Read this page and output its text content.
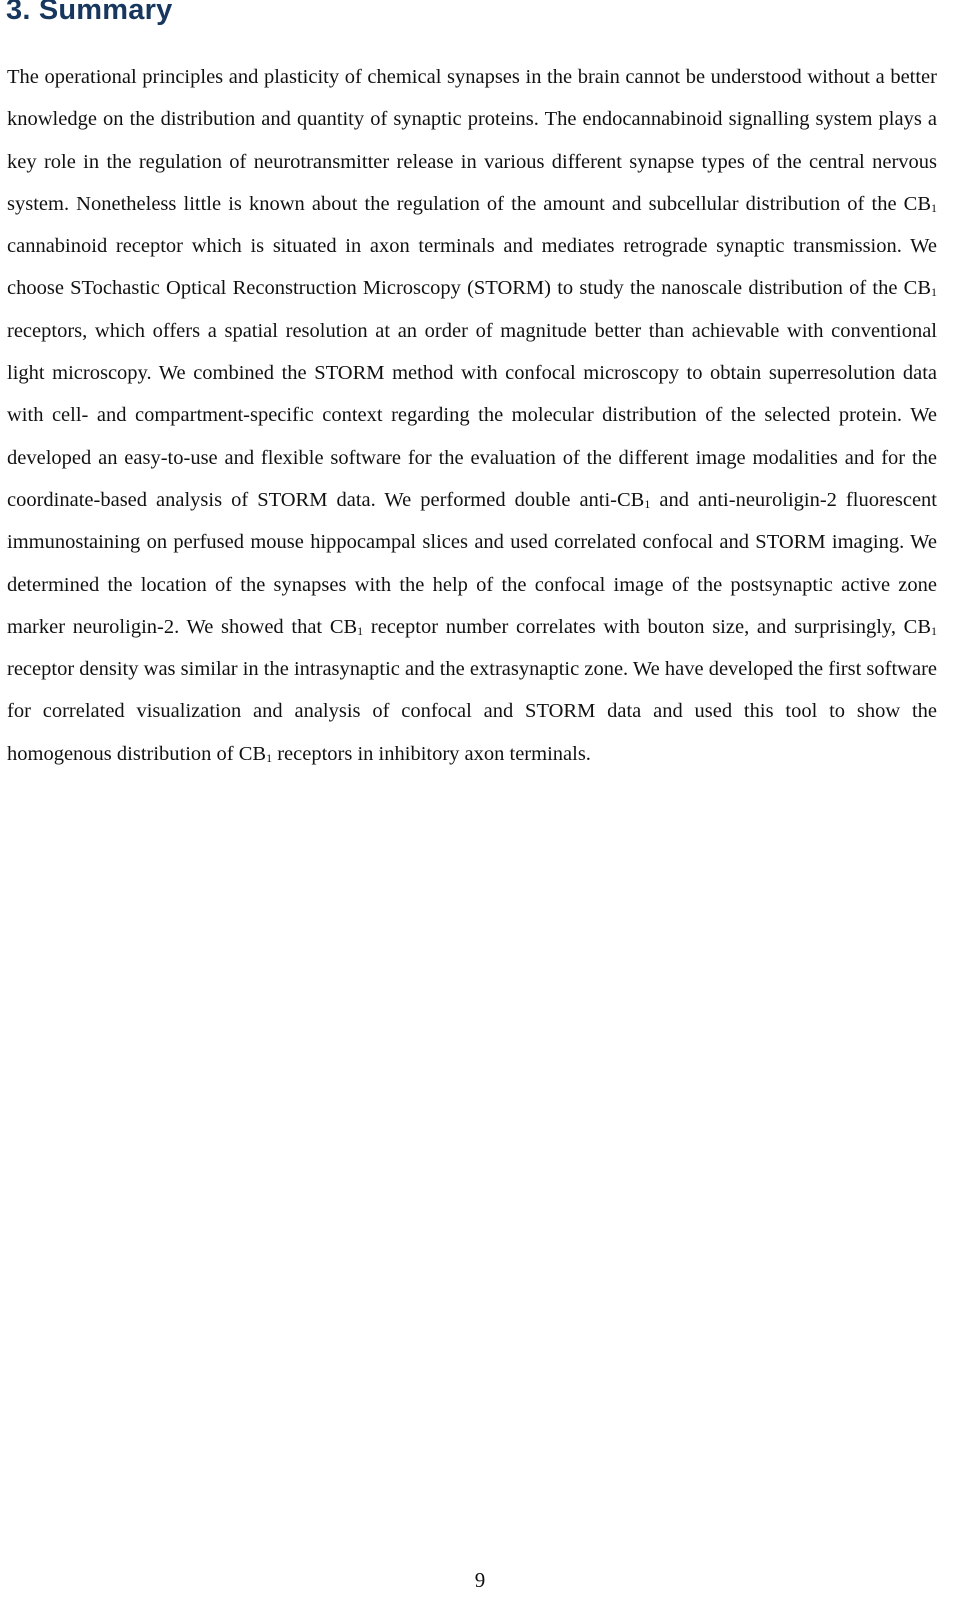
3. Summary

The operational principles and plasticity of chemical synapses in the brain cannot be understood without a better knowledge on the distribution and quantity of synaptic proteins. The endocannabinoid signalling system plays a key role in the regulation of neurotransmitter release in various different synapse types of the central nervous system. Nonetheless little is known about the regulation of the amount and subcellular distribution of the $CB_1$ cannabinoid receptor which is situated in axon terminals and mediates retrograde synaptic transmission. We choose STochastic Optical Reconstruction Microscopy (STORM) to study the nanoscale distribution of the $CB_1$ receptors, which offers a spatial resolution at an order of magnitude better than achievable with conventional light microscopy. We combined the STORM method with confocal microscopy to obtain superresolution data with cell- and compartment-specific context regarding the molecular distribution of the selected protein. We developed an easy-to-use and flexible software for the evaluation of the different image modalities and for the coordinate-based analysis of STORM data. We performed double anti-$CB_1$ and anti-neuroligin-2 fluorescent immunostaining on perfused mouse hippocampal slices and used correlated confocal and STORM imaging. We determined the location of the synapses with the help of the confocal image of the postsynaptic active zone marker neuroligin-2. We showed that $CB_1$ receptor number correlates with bouton size, and surprisingly, $CB_1$ receptor density was similar in the intrasynaptic and the extrasynaptic zone. We have developed the first software for correlated visualization and analysis of confocal and STORM data and used this tool to show the homogenous distribution of $CB_1$ receptors in inhibitory axon terminals.

9
